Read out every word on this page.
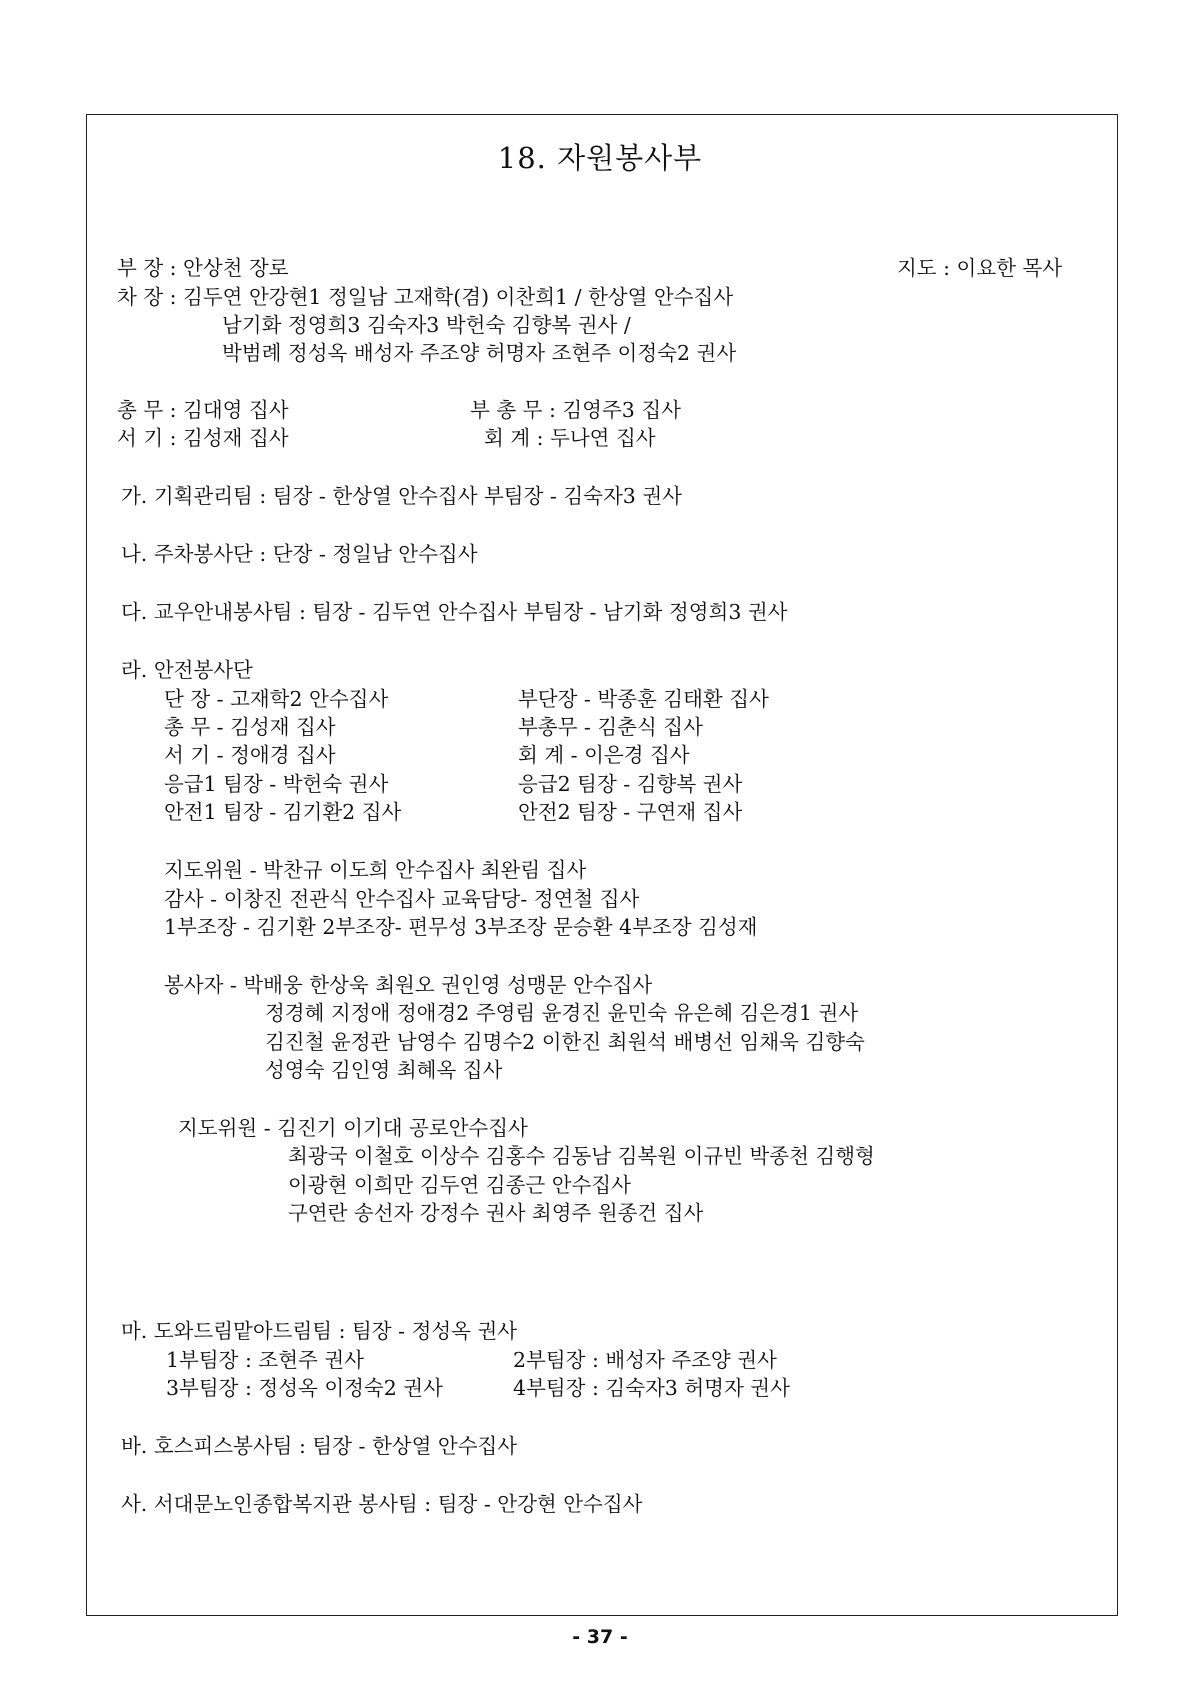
18. 자원봉사부
부 장 : 안상천 장로	지도 : 이요한 목사
차 장 : 김두연 안강현1 정일남 고재학(겸) 이찬희1 / 한상열 안수집사
남기화 정영희3 김숙자3 박헌숙 김향복 권사 /
박범례 정성옥 배성자 주조양 허명자 조현주 이정숙2 권사
총 무 : 김대영 집사	부 총 무 : 김영주3 집사
서 기 : 김성재 집사	회 계 : 두나연 집사
가. 기획관리팀 : 팀장 - 한상열 안수집사 부팀장 - 김숙자3 권사
나. 주차봉사단 : 단장 - 정일남 안수집사
다. 교우안내봉사팀 : 팀장 - 김두연 안수집사 부팀장 - 남기화 정영희3 권사
라. 안전봉사단
단 장 - 고재학2 안수집사	부단장 - 박종훈 김태환 집사
총 무 - 김성재 집사	부총무 - 김춘식 집사
서 기 - 정애경 집사	회 계 - 이은경 집사
응급1 팀장 - 박헌숙 권사	응급2 팀장 - 김향복 권사
안전1 팀장 - 김기환2 집사	안전2 팀장 - 구연재 집사
지도위원 - 박찬규 이도희 안수집사 최완림 집사
감사 - 이창진 전관식 안수집사 교육담당- 정연철 집사
1부조장 - 김기환 2부조장- 편무성 3부조장 문승환 4부조장 김성재
봉사자 - 박배웅 한상욱 최원오 권인영 성맹문 안수집사
정경혜 지정애 정애경2 주영림 윤경진 윤민숙 유은혜 김은경1 권사
김진철 윤정관 남영수 김명수2 이한진 최원석 배병선 임채욱 김향숙
성영숙 김인영 최혜옥 집사
지도위원 - 김진기 이기대 공로안수집사
최광국 이철호 이상수 김홍수 김동남 김복원 이규빈 박종천 김행형
이광현 이희만 김두연 김종근 안수집사
구연란 송선자 강정수 권사 최영주 원종건 집사
마. 도와드림맡아드림팀 : 팀장 - 정성옥 권사
1부팀장 : 조현주 권사	2부팀장 : 배성자 주조양 권사
3부팀장 : 정성옥 이정숙2 권사	4부팀장 : 김숙자3 허명자 권사
바. 호스피스봉사팀 : 팀장 - 한상열 안수집사
사. 서대문노인종합복지관 봉사팀 : 팀장 - 안강현 안수집사
- 37 -
